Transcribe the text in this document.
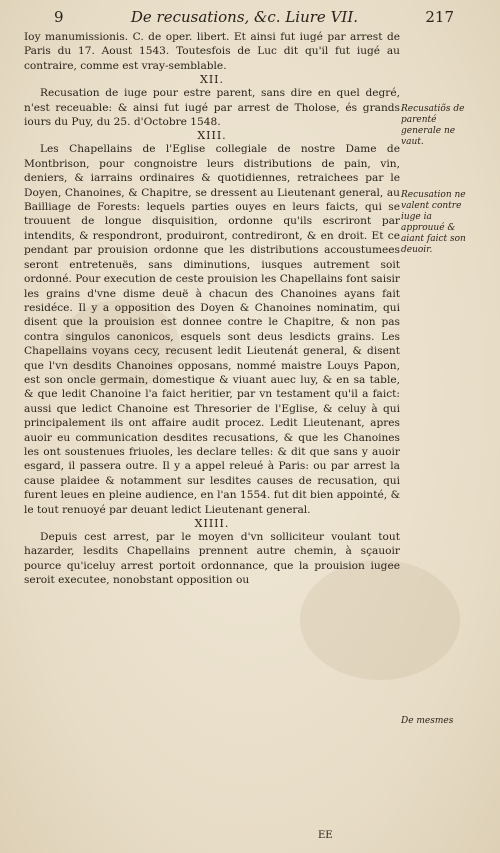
9	De recusations, &c. Liure VII.	217

Ioy manumissionis. C. de oper. libert. Et ainsi fut iugé par arrest de Paris du 17. Aoust 1543. Toutesfois de Luc dit qu'il fut iugé au contraire, comme est vray-semblable.

XII.

Recusation de iuge pour estre parent, sans dire en quel degré, n'est receuable: & ainsi fut iugé par arrest de Tholose, és grands iours du Puy, du 25. d'Octobre 1548.

XIII.

Les Chapellains de l'Eglise collegiale de nostre Dame de Montbrison, pour congnoistre leurs distributions de pain, vin, deniers, & iarrains ordinaires & quotidiennes, retraichees par le Doyen, Chanoines, & Chapitre, se dressent au Lieutenant general, au Bailliage de Forests: lequels parties ouyes en leurs faicts, qui se trouuent de longue disquisition, ordonne qu'ils escriront par intendits, & respondront, produiront, contrediront, & en droit. Et ce pendant par prouision ordonne que les distributions accoustumees seront entretenuës, sans diminutions, iusques autrement soit ordonné. Pour execution de ceste prouision les Chapellains font saisir les grains d'vne disme deuë à chacun des Chanoines ayans fait residéce. Il y a opposition des Doyen & Chanoines nominatim, qui disent que la prouision est donnee contre le Chapitre, & non pas contra singulos canonicos, esquels sont deus lesdicts grains. Les Chapellains voyans cecy, recusent ledit Lieutenát general, & disent que l'vn desdits Chanoines opposans, nommé maistre Louys Papon, est son oncle germain, domestique & viuant auec luy, & en sa table, & que ledit Chanoine l'a faict heritier, par vn testament qu'il a faict: aussi que ledict Chanoine est Thresorier de l'Eglise, & celuy à qui principalement ils ont affaire audit procez. Ledit Lieutenant, apres auoir eu communication desdites recusations, & que les Chanoines les ont soustenues friuoles, les declare telles: & dit que sans y auoir esgard, il passera outre. Il y a appel releué à Paris: ou par arrest la cause plaidee & notamment sur lesdites causes de recusation, qui furent leues en pleine audience, en l'an 1554. fut dit bien appointé, & le tout renuoyé par deuant ledict Lieutenant general.

XIIII.

Depuis cest arrest, par le moyen d'vn solliciteur voulant tout hazarder, lesdits Chapellains prennent autre chemin, à sçauoir pource qu'iceluy arrest portoit ordonnance, que la prouision iugee seroit executee, nonobstant opposition ou

Recusatiõs de parenté generale ne vaut.
Recusation ne valent contre iuge ia approuué & aiant faict son deuoir.
De mesmes
EE
